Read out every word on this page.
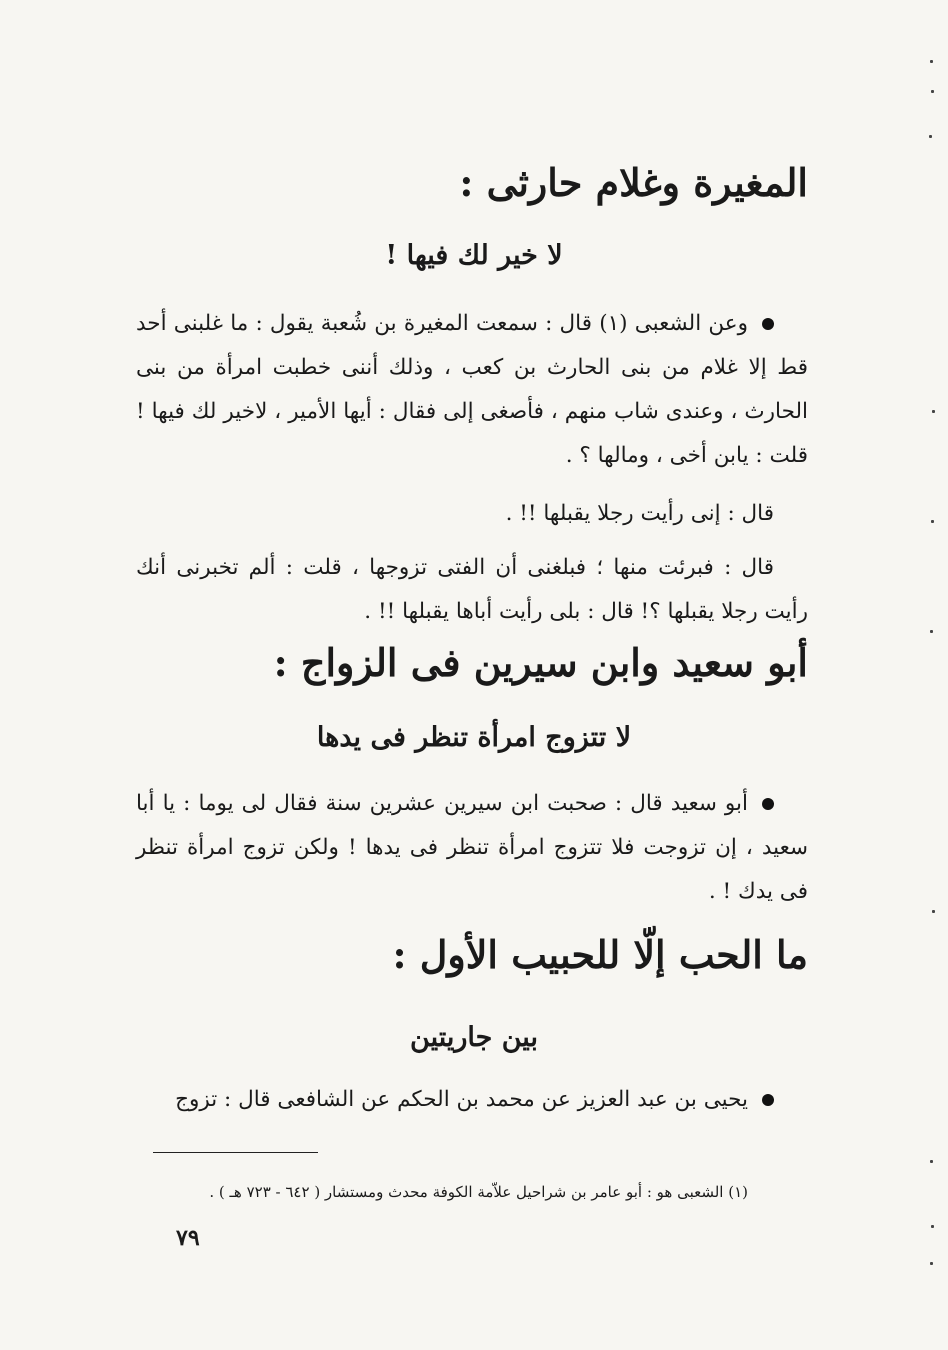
المغيرة وغلام حارثى :
لا خير لك فيها !

وعن الشعبى (١) قال : سمعت المغيرة بن شُعبة يقول : ما غلبنى أحد قط إلا غلام من بنى الحارث بن كعب ، وذلك أننى خطبت امرأة من بنى الحارث ، وعندى شاب منهم ، فأصغى إلى فقال : أيها الأمير ، لاخير لك فيها ! قلت : يابن أخى ، ومالها ؟ .

قال : إنى رأيت رجلا يقبلها !! .

قال : فبرئت منها ؛ فبلغنى أن الفتى تزوجها ، قلت : ألم تخبرنى أنك رأيت رجلا يقبلها ؟! قال : بلى رأيت أباها يقبلها !! .

أبو سعيد وابن سيرين فى الزواج :
لا تتزوج امرأة تنظر فى يدها

أبو سعيد قال : صحبت ابن سيرين عشرين سنة فقال لى يوما : يا أبا سعيد ، إن تزوجت فلا تتزوج امرأة تنظر فى يدها ! ولكن تزوج امرأة تنظر فى يدك ! .

ما الحب إلّا للحبيب الأول :
بين جاريتين

يحيى بن عبد العزيز عن محمد بن الحكم عن الشافعى قال : تزوج

(١) الشعبى هو : أبو عامر بن شراحيل علاّمة الكوفة محدث ومستشار ( ٦٤٢ - ٧٢٣ هـ ) .
٧٩
